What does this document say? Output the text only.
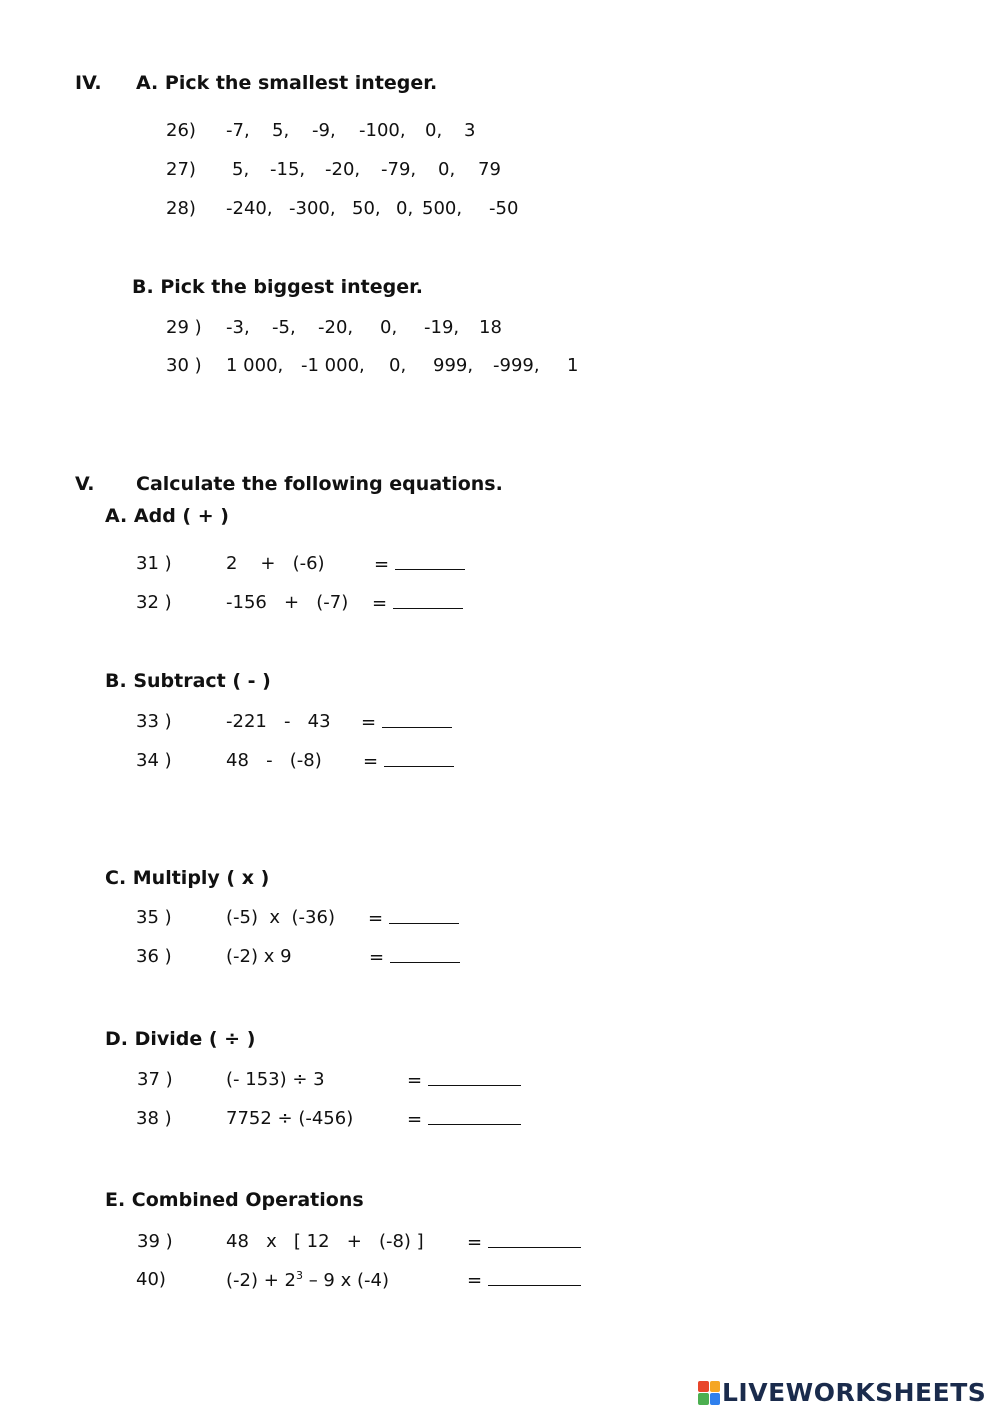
IV. A. Pick the smallest integer.
26) -7, 5, -9, -100, 0, 3
27) 5, -15, -20, -79, 0, 79
28) -240, -300, 50, 0, 500, -50
B. Pick the biggest integer.
29 ) -3, -5, -20, 0, -19, 18
30 ) 1 000, -1 000, 0, 999, -999, 1
V. Calculate the following equations.
A. Add ( + )
31 )	2    +   (-6)	=
32 )	-156   +   (-7) =
B. Subtract ( - )
33 )	-221   -   43 =
34 )	48   -   (-8) =
C. Multiply ( x )
35 )	(-5)  x  (-36) =
36 )	(-2) x 9	=
D. Divide ( ÷ )
37 )	(- 153) ÷ 3	=
38 )	7752 ÷ (-456)	=
E. Combined Operations
39 )	48   x   [ 12   +   (-8) ] =
40)	$(-2) + 2^3 - 9$ x (-4)	=
LIVEWORKSHEETS
